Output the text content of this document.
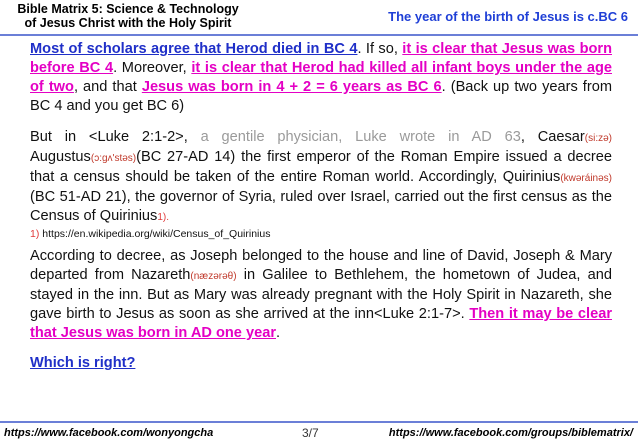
Bible Matrix 5: Science & Technology
of Jesus Christ with the Holy Spirit	The year of the birth of Jesus is c.BC 6

Most of scholars agree that Herod died in BC 4. If so, it is clear that Jesus was born before BC 4. Moreover, it is clear that Herod had killed all infant boys under the age of two, and that Jesus was born in 4 + 2 = 6 years as BC 6. (Back up two years from BC 4 and you get BC 6)

But in <Luke 2:1-2>, a gentile physician, Luke wrote in AD 63, Caesar(si:zə) Augustus(ɔ:gʌ'stəs)(BC 27-AD 14) the first emperor of the Roman Empire issued a decree that a census should be taken of the entire Roman world. Accordingly, Quirinius(kwəráinəs)(BC 51-AD 21), the governor of Syria, ruled over Israel, carried out the first census as the Census of Quirinius1).

1) https://en.wikipedia.org/wiki/Census_of_Quirinius

According to decree, as Joseph belonged to the house and line of David, Joseph & Mary departed from Nazareth(næzərəθ) in Galilee to Bethlehem, the hometown of Judea, and stayed in the inn. But as Mary was already pregnant with the Holy Spirit in Nazareth, she gave birth to Jesus as soon as she arrived at the inn<Luke 2:1-7>. Then it may be clear that Jesus was born in AD one year.

Which is right?

https://www.facebook.com/wonyongcha	3/7	https://www.facebook.com/groups/biblematrix/
